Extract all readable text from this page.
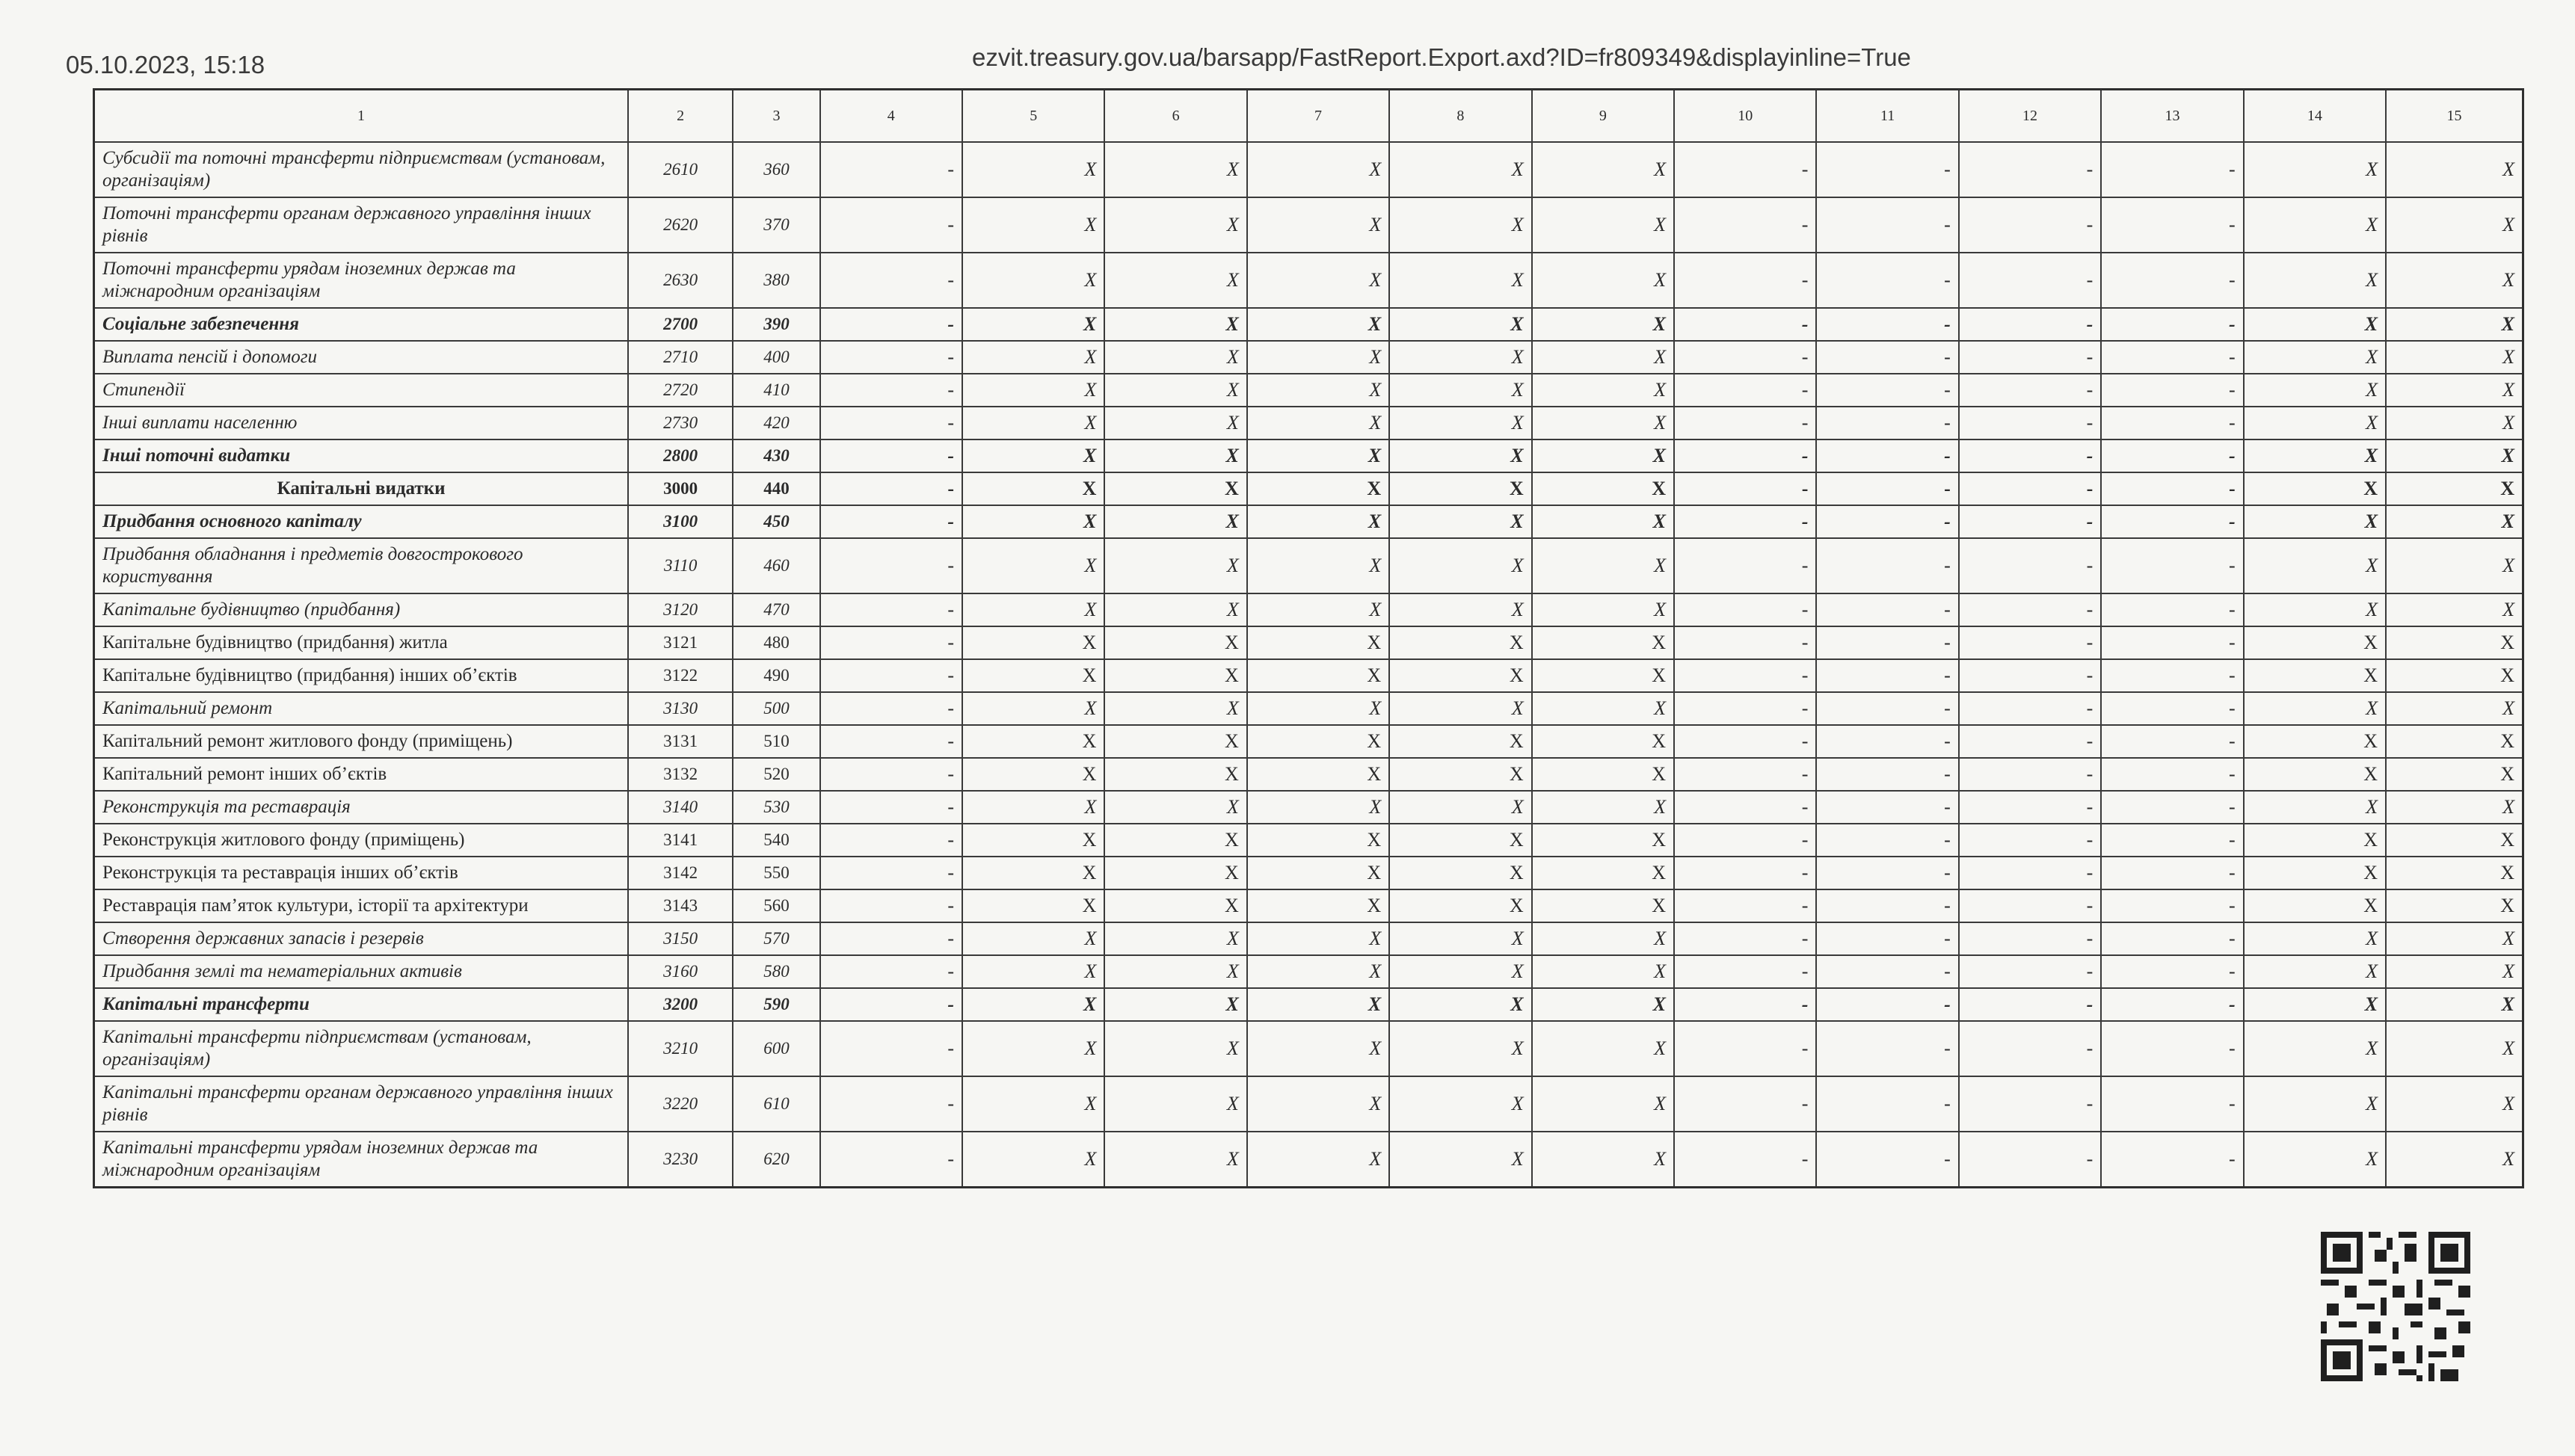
05.10.2023, 15:18	ezvit.treasury.gov.ua/barsapp/FastReport.Export.axd?ID=fr809349&displayinline=True
1	2	3	4	5	6	7	8	9	10	11	12	13	14	15
Субсидії та поточні трансферти підприємствам (установам, організаціям)	2610	360	-	X	X	X	X	X	-	-	-	-	X	X
Поточні трансферти органам державного управління інших рівнів	2620	370	-	X	X	X	X	X	-	-	-	-	X	X
Поточні трансферти урядам іноземних держав та міжнародним організаціям	2630	380	-	X	X	X	X	X	-	-	-	-	X	X
Соціальне забезпечення	2700	390	-	X	X	X	X	X	-	-	-	-	X	X
Виплата пенсій і допомоги	2710	400	-	X	X	X	X	X	-	-	-	-	X	X
Стипендії	2720	410	-	X	X	X	X	X	-	-	-	-	X	X
Інші виплати населенню	2730	420	-	X	X	X	X	X	-	-	-	-	X	X
Інші поточні видатки	2800	430	-	X	X	X	X	X	-	-	-	-	X	X
Капітальні видатки	3000	440	-	X	X	X	X	X	-	-	-	-	X	X
Придбання основного капіталу	3100	450	-	X	X	X	X	X	-	-	-	-	X	X
Придбання обладнання і предметів довгострокового користування	3110	460	-	X	X	X	X	X	-	-	-	-	X	X
Капітальне будівництво (придбання)	3120	470	-	X	X	X	X	X	-	-	-	-	X	X
Капітальне будівництво (придбання) житла	3121	480	-	X	X	X	X	X	-	-	-	-	X	X
Капітальне будівництво (придбання) інших об’єктів	3122	490	-	X	X	X	X	X	-	-	-	-	X	X
Капітальний ремонт	3130	500	-	X	X	X	X	X	-	-	-	-	X	X
Капітальний ремонт житлового фонду (приміщень)	3131	510	-	X	X	X	X	X	-	-	-	-	X	X
Капітальний ремонт інших об’єктів	3132	520	-	X	X	X	X	X	-	-	-	-	X	X
Реконструкція та реставрація	3140	530	-	X	X	X	X	X	-	-	-	-	X	X
Реконструкція житлового фонду (приміщень)	3141	540	-	X	X	X	X	X	-	-	-	-	X	X
Реконструкція та реставрація інших об’єктів	3142	550	-	X	X	X	X	X	-	-	-	-	X	X
Реставрація пам’яток культури, історії та архітектури	3143	560	-	X	X	X	X	X	-	-	-	-	X	X
Створення державних запасів і резервів	3150	570	-	X	X	X	X	X	-	-	-	-	X	X
Придбання землі та нематеріальних активів	3160	580	-	X	X	X	X	X	-	-	-	-	X	X
Капітальні трансферти	3200	590	-	X	X	X	X	X	-	-	-	-	X	X
Капітальні трансферти підприємствам (установам, організаціям)	3210	600	-	X	X	X	X	X	-	-	-	-	X	X
Капітальні трансферти органам державного управління інших рівнів	3220	610	-	X	X	X	X	X	-	-	-	-	X	X
Капітальні трансферти урядам іноземних держав та міжнародним організаціям	3230	620	-	X	X	X	X	X	-	-	-	-	X	X
